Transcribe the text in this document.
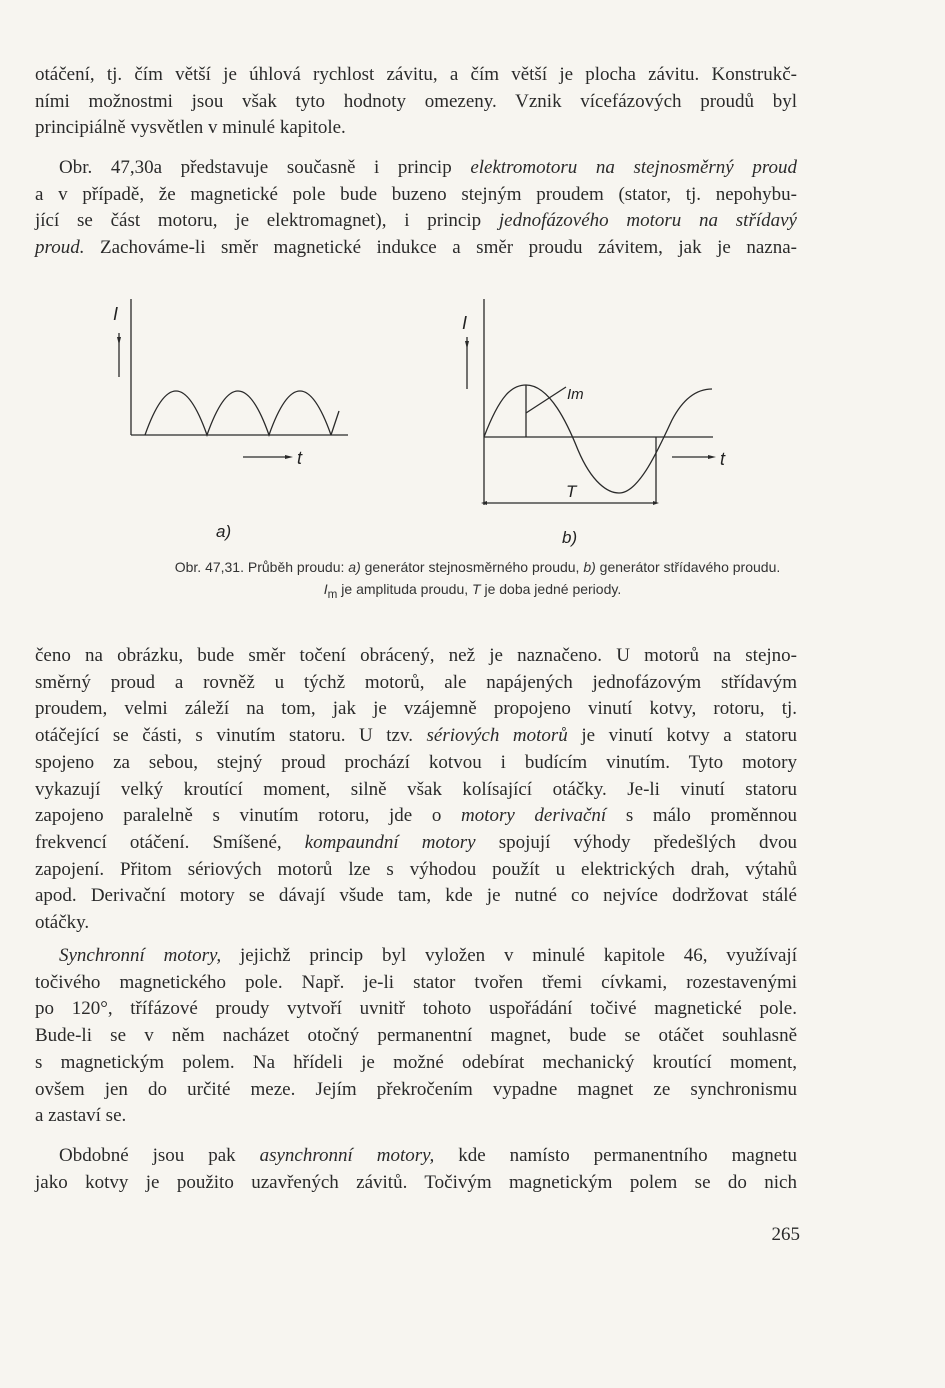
otáčení, tj. čím větší je úhlová rychlost závitu, a čím větší je plocha závitu. Konstrukč-
ními možnostmi jsou však tyto hodnoty omezeny. Vznik vícefázových proudů byl
principiálně vysvětlen v minulé kapitole.
Obr. 47,30a představuje současně i princip elektromotoru na stejnosměrný proud
a v případě, že magnetické pole bude buzeno stejným proudem (stator, tj. nepohybu-
jící se část motoru, je elektromagnet), i princip jednofázového motoru na střídavý
proud. Zachováme-li směr magnetické indukce a směr proudu závitem, jak je nazna-
I
t
a)
I
Im
T
t
b)
Obr. 47,31. Průběh proudu: a) generátor stejnosměrného proudu, b) generátor střídavého proudu.
$I_m$ je amplituda proudu, T je doba jedné periody.
čeno na obrázku, bude směr točení obrácený, než je naznačeno. U motorů na stejno-
směrný proud a rovněž u týchž motorů, ale napájených jednofázovým střídavým
proudem, velmi záleží na tom, jak je vzájemně propojeno vinutí kotvy, rotoru, tj.
otáčející se části, s vinutím statoru. U tzv. sériových motorů je vinutí kotvy a statoru
spojeno za sebou, stejný proud prochází kotvou i budícím vinutím. Tyto motory
vykazují velký kroutící moment, silně však kolísající otáčky. Je-li vinutí statoru
zapojeno paralelně s vinutím rotoru, jde o motory derivační s málo proměnnou
frekvencí otáčení. Smíšené, kompaundní motory spojují výhody předešlých dvou
zapojení. Přitom sériových motorů lze s výhodou použít u elektrických drah, výtahů
apod. Derivační motory se dávají všude tam, kde je nutné co nejvíce dodržovat stálé
otáčky.
Synchronní motory, jejichž princip byl vyložen v minulé kapitole 46, využívají
točivého magnetického pole. Např. je-li stator tvořen třemi cívkami, rozestavenými
po 120°, třífázové proudy vytvoří uvnitř tohoto uspořádání točivé magnetické pole.
Bude-li se v něm nacházet otočný permanentní magnet, bude se otáčet souhlasně
s magnetickým polem. Na hřídeli je možné odebírat mechanický kroutící moment,
ovšem jen do určité meze. Jejím překročením vypadne magnet ze synchronismu
a zastaví se.
Obdobné jsou pak asynchronní motory, kde namísto permanentního magnetu
jako kotvy je použito uzavřených závitů. Točivým magnetickým polem se do nich
265
